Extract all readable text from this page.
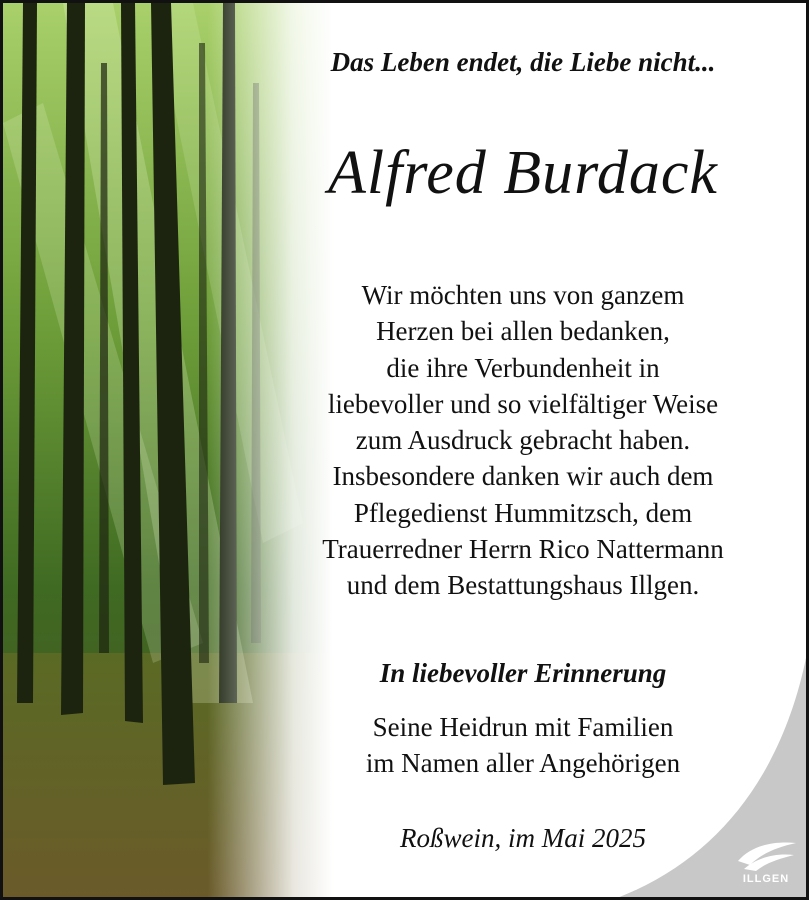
Das Leben endet, die Liebe nicht...
Alfred Burdack
Wir möchten uns von ganzem
Herzen bei allen bedanken,
die ihre Verbundenheit in
liebevoller und so vielfältiger Weise
zum Ausdruck gebracht haben.
Insbesondere danken wir auch dem
Pflegedienst Hummitzsch, dem
Trauerredner Herrn Rico Nattermann
und dem Bestattungshaus Illgen.
In liebevoller Erinnerung
Seine Heidrun mit Familien
im Namen aller Angehörigen
Roßwein, im Mai 2025
ILLGEN
